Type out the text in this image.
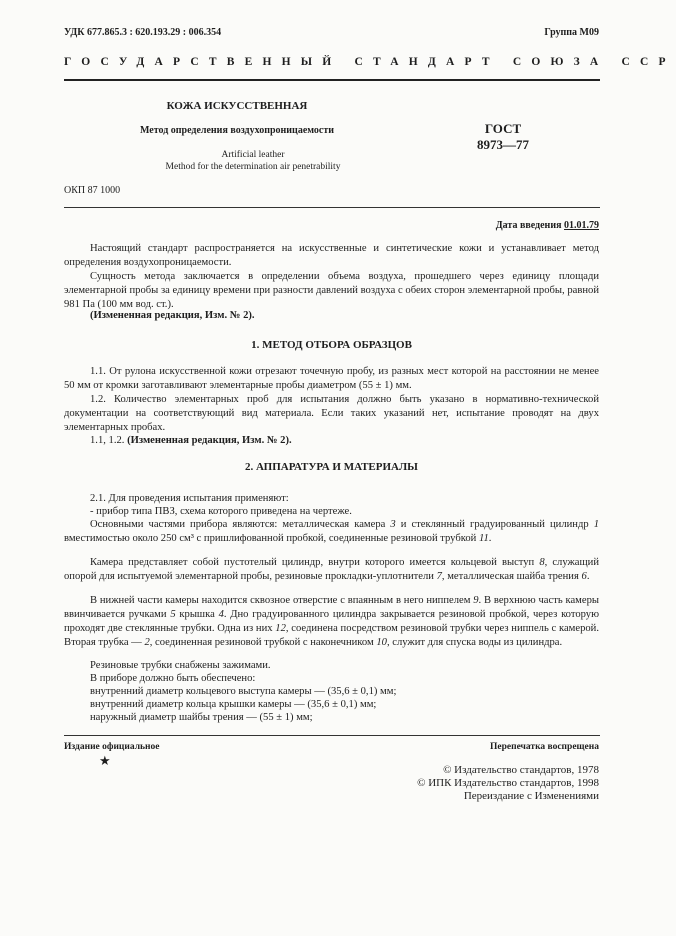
УДК 677.865.3 : 620.193.29 : 006.354	Группа М09
ГОСУДАРСТВЕННЫЙ СТАНДАРТ СОЮЗА ССР
КОЖА ИСКУССТВЕННАЯ
Метод определения воздухопроницаемости
Artificial leather
Method for the determination air penetrability
ГОСТ
8973—77
ОКП 87 1000
Дата введения 01.01.79
Настоящий стандарт распространяется на искусственные и синтетические кожи и устанавливает метод определения воздухопроницаемости.
Сущность метода заключается в определении объема воздуха, прошедшего через единицу площади элементарной пробы за единицу времени при разности давлений воздуха с обеих сторон элементарной пробы, равной 981 Па (100 мм вод. ст.).
(Измененная редакция, Изм. № 2).
1. МЕТОД ОТБОРА ОБРАЗЦОВ
1.1. От рулона искусственной кожи отрезают точечную пробу, из разных мест которой на расстоянии не менее 50 мм от кромки заготавливают элементарные пробы диаметром (55 ± 1) мм.
1.2. Количество элементарных проб для испытания должно быть указано в нормативно-технической документации на соответствующий вид материала. Если таких указаний нет, испытание проводят на двух элементарных пробах.
1.1, 1.2. (Измененная редакция, Изм. № 2).
2. АППАРАТУРА И МАТЕРИАЛЫ
2.1. Для проведения испытания применяют:
- прибор типа ПВЗ, схема которого приведена на чертеже.
Основными частями прибора являются: металлическая камера 3 и стеклянный градуированный цилиндр 1 вместимостью около 250 см³ с пришлифованной пробкой, соединенные резиновой трубкой 11.
Камера представляет собой пустотелый цилиндр, внутри которого имеется кольцевой выступ 8, служащий опорой для испытуемой элементарной пробы, резиновые прокладки-уплотнители 7, металлическая шайба трения 6.
В нижней части камеры находится сквозное отверстие с впаянным в него ниппелем 9. В верхнюю часть камеры ввинчивается ручками 5 крышка 4. Дно градуированного цилиндра закрывается резиновой пробкой, через которую проходят две стеклянные трубки. Одна из них 12, соединена посредством резиновой трубки через ниппель с камерой. Вторая трубка — 2, соединенная резиновой трубкой с наконечником 10, служит для спуска воды из цилиндра.
Резиновые трубки снабжены зажимами.
В приборе должно быть обеспечено:
внутренний диаметр кольцевого выступа камеры — (35,6 ± 0,1) мм;
внутренний диаметр кольца крышки камеры — (35,6 ± 0,1) мм;
наружный диаметр шайбы трения — (55 ± 1) мм;
Издание официальное
★
Перепечатка воспрещена
© Издательство стандартов, 1978
© ИПК Издательство стандартов, 1998
Переиздание с Изменениями
